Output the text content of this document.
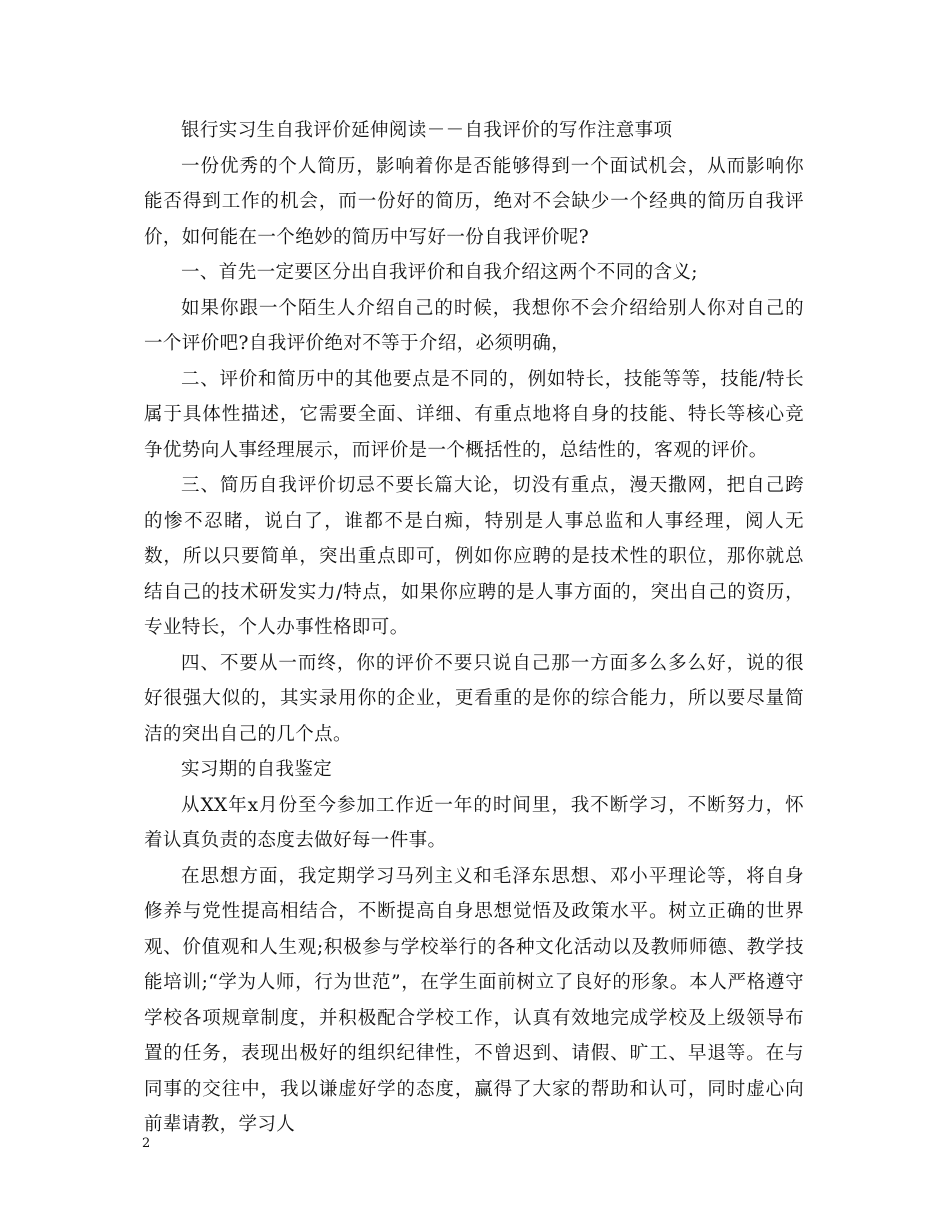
银行实习生自我评价延伸阅读－－自我评价的写作注意事项

一份优秀的个人简历，影响着你是否能够得到一个面试机会，从而影响你能否得到工作的机会，而一份好的简历，绝对不会缺少一个经典的简历自我评价，如何能在一个绝妙的简历中写好一份自我评价呢?

一、首先一定要区分出自我评价和自我介绍这两个不同的含义;

如果你跟一个陌生人介绍自己的时候，我想你不会介绍给别人你对自己的一个评价吧?自我评价绝对不等于介绍，必须明确，

二、评价和简历中的其他要点是不同的，例如特长，技能等等，技能/特长属于具体性描述，它需要全面、详细、有重点地将自身的技能、特长等核心竞争优势向人事经理展示，而评价是一个概括性的，总结性的，客观的评价。

三、简历自我评价切忌不要长篇大论，切没有重点，漫天撒网，把自己跨的惨不忍睹，说白了，谁都不是白痴，特别是人事总监和人事经理，阅人无数，所以只要简单，突出重点即可，例如你应聘的是技术性的职位，那你就总结自己的技术研发实力/特点，如果你应聘的是人事方面的，突出自己的资历，专业特长，个人办事性格即可。

四、不要从一而终，你的评价不要只说自己那一方面多么多么好，说的很好很强大似的，其实录用你的企业，更看重的是你的综合能力，所以要尽量简洁的突出自己的几个点。

实习期的自我鉴定

从XX年x月份至今参加工作近一年的时间里，我不断学习，不断努力，怀着认真负责的态度去做好每一件事。

在思想方面，我定期学习马列主义和毛泽东思想、邓小平理论等，将自身修养与党性提高相结合，不断提高自身思想觉悟及政策水平。树立正确的世界观、价值观和人生观;积极参与学校举行的各种文化活动以及教师师德、教学技能培训;“学为人师，行为世范”，在学生面前树立了良好的形象。本人严格遵守学校各项规章制度，并积极配合学校工作，认真有效地完成学校及上级领导布置的任务，表现出极好的组织纪律性，不曾迟到、请假、旷工、早退等。在与同事的交往中，我以谦虚好学的态度，赢得了大家的帮助和认可，同时虚心向前辈请教，学习人

2
